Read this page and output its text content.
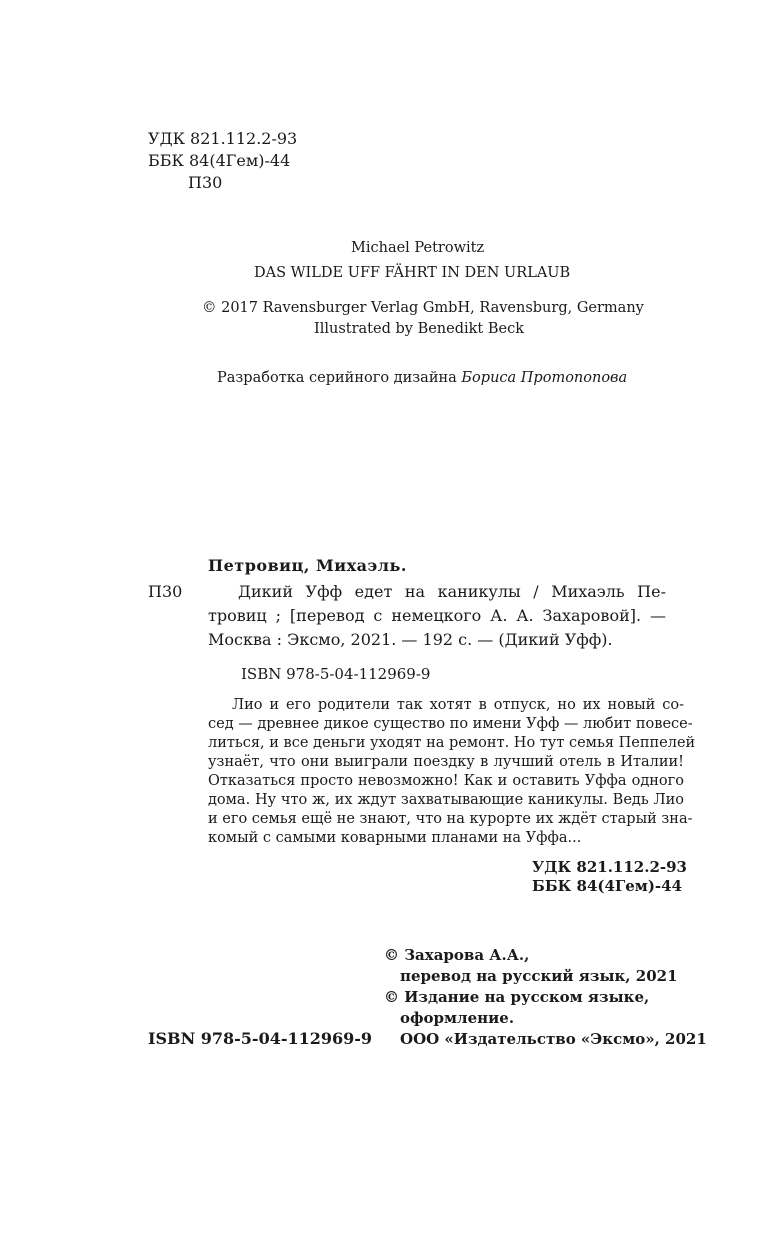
УДК 821.112.2-93
ББК 84(4Гем)-44
П30
Michael Petrowitz
DAS WILDE UFF FÄHRT IN DEN URLAUB
© 2017 Ravensburger Verlag GmbH, Ravensburg, Germany
Illustrated by Benedikt Beck
Разработка серийного дизайна Бориса Протопопова
Петровиц, Михаэль.
П30	Дикий Уфф едет на каникулы / Михаэль Пе-
тровиц ; [перевод с немецкого А. А. Захаровой]. —
Москва : Эксмо, 2021. — 192 с. — (Дикий Уфф).
ISBN 978-5-04-112969-9
Лио и его родители так хотят в отпуск, но их новый со-
сед — древнее дикое существо по имени Уфф — любит повесе-
литься, и все деньги уходят на ремонт. Но тут семья Пеппелей
узнаёт, что они выиграли поездку в лучший отель в Италии!
Отказаться просто невозможно! Как и оставить Уффа одного
дома. Ну что ж, их ждут захватывающие каникулы. Ведь Лио
и его семья ещё не знают, что на курорте их ждёт старый зна-
комый с самыми коварными планами на Уффа...
УДК 821.112.2-93
ББК 84(4Гем)-44
© Захарова А.А.,
перевод на русский язык, 2021
© Издание на русском языке,
оформление.
ООО «Издательство «Эксмо», 2021
ISBN 978-5-04-112969-9
